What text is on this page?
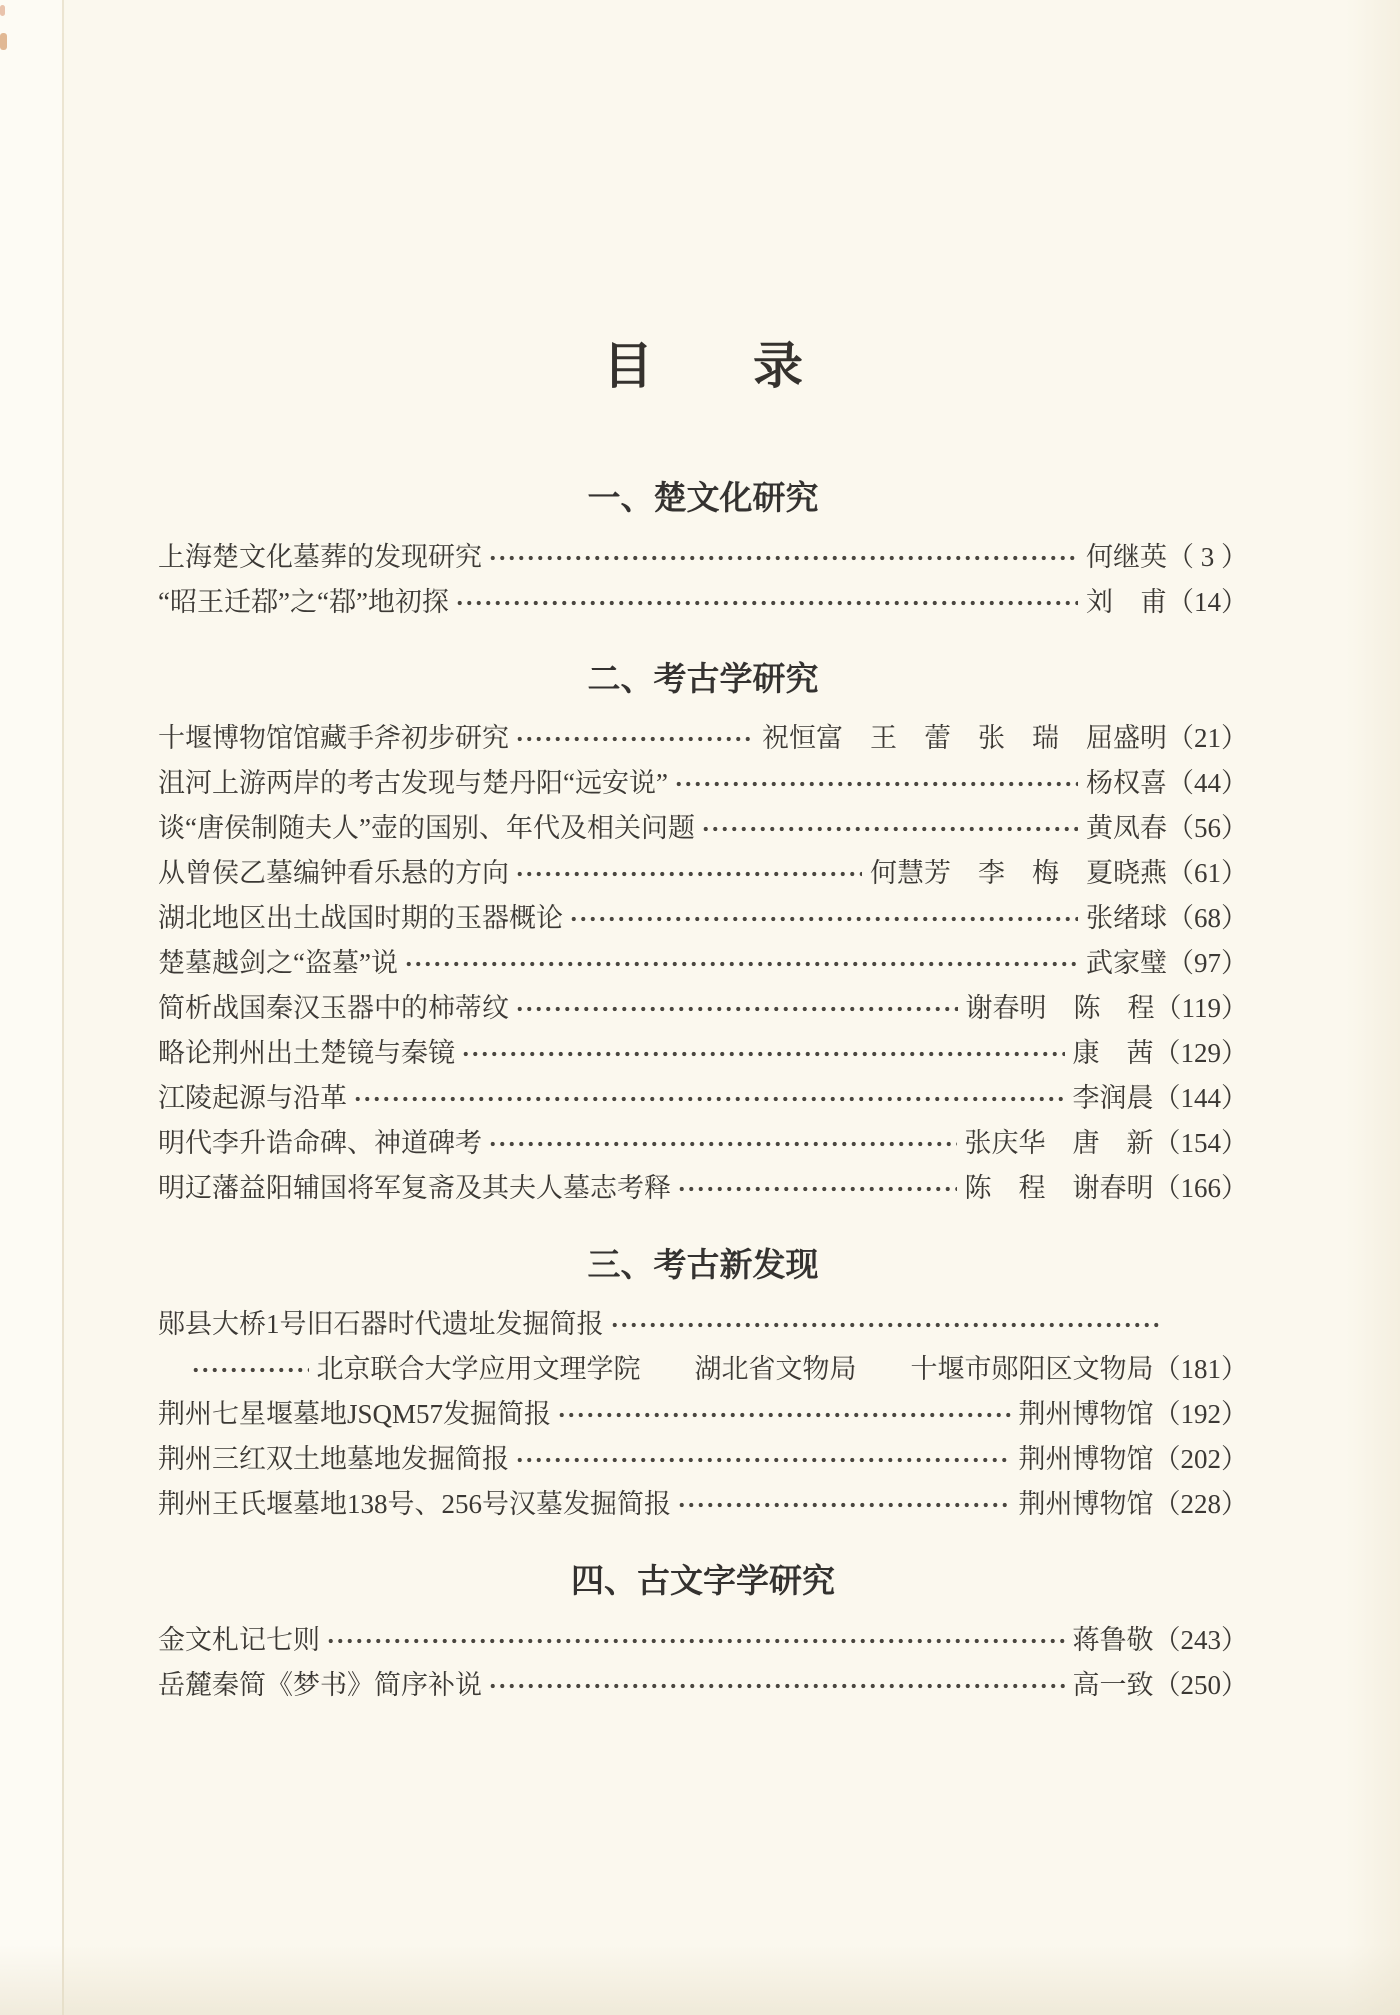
目　　录
一、楚文化研究
上海楚文化墓葬的发现研究	何继英 （ 3 ）
“昭王迁鄀”之“鄀”地初探	刘　甫 （14）
二、考古学研究
十堰博物馆馆藏手斧初步研究	祝恒富　王　蕾　张　瑞　屈盛明 （21）
沮河上游两岸的考古发现与楚丹阳“远安说”	杨权喜 （44）
谈“唐侯制随夫人”壶的国别、年代及相关问题	黄凤春 （56）
从曾侯乙墓编钟看乐悬的方向	何慧芳　李　梅　夏晓燕 （61）
湖北地区出土战国时期的玉器概论	张绪球 （68）
楚墓越剑之“盗墓”说	武家璧 （97）
简析战国秦汉玉器中的柿蒂纹	谢春明　陈　程 （119）
略论荆州出土楚镜与秦镜	康　茜 （129）
江陵起源与沿革	李润晨 （144）
明代李升诰命碑、神道碑考	张庆华　唐　新 （154）
明辽藩益阳辅国将军复斋及其夫人墓志考释	陈　程　谢春明 （166）
三、考古新发现
郧县大桥1号旧石器时代遗址发掘简报
北京联合大学应用文理学院　　湖北省文物局　　十堰市郧阳区文物局 （181）
荆州七星堰墓地JSQM57发掘简报	荆州博物馆 （192）
荆州三红双土地墓地发掘简报	荆州博物馆 （202）
荆州王氏堰墓地138号、256号汉墓发掘简报	荆州博物馆 （228）
四、古文字学研究
金文札记七则	蒋鲁敬 （243）
岳麓秦简《梦书》简序补说	高一致 （250）
